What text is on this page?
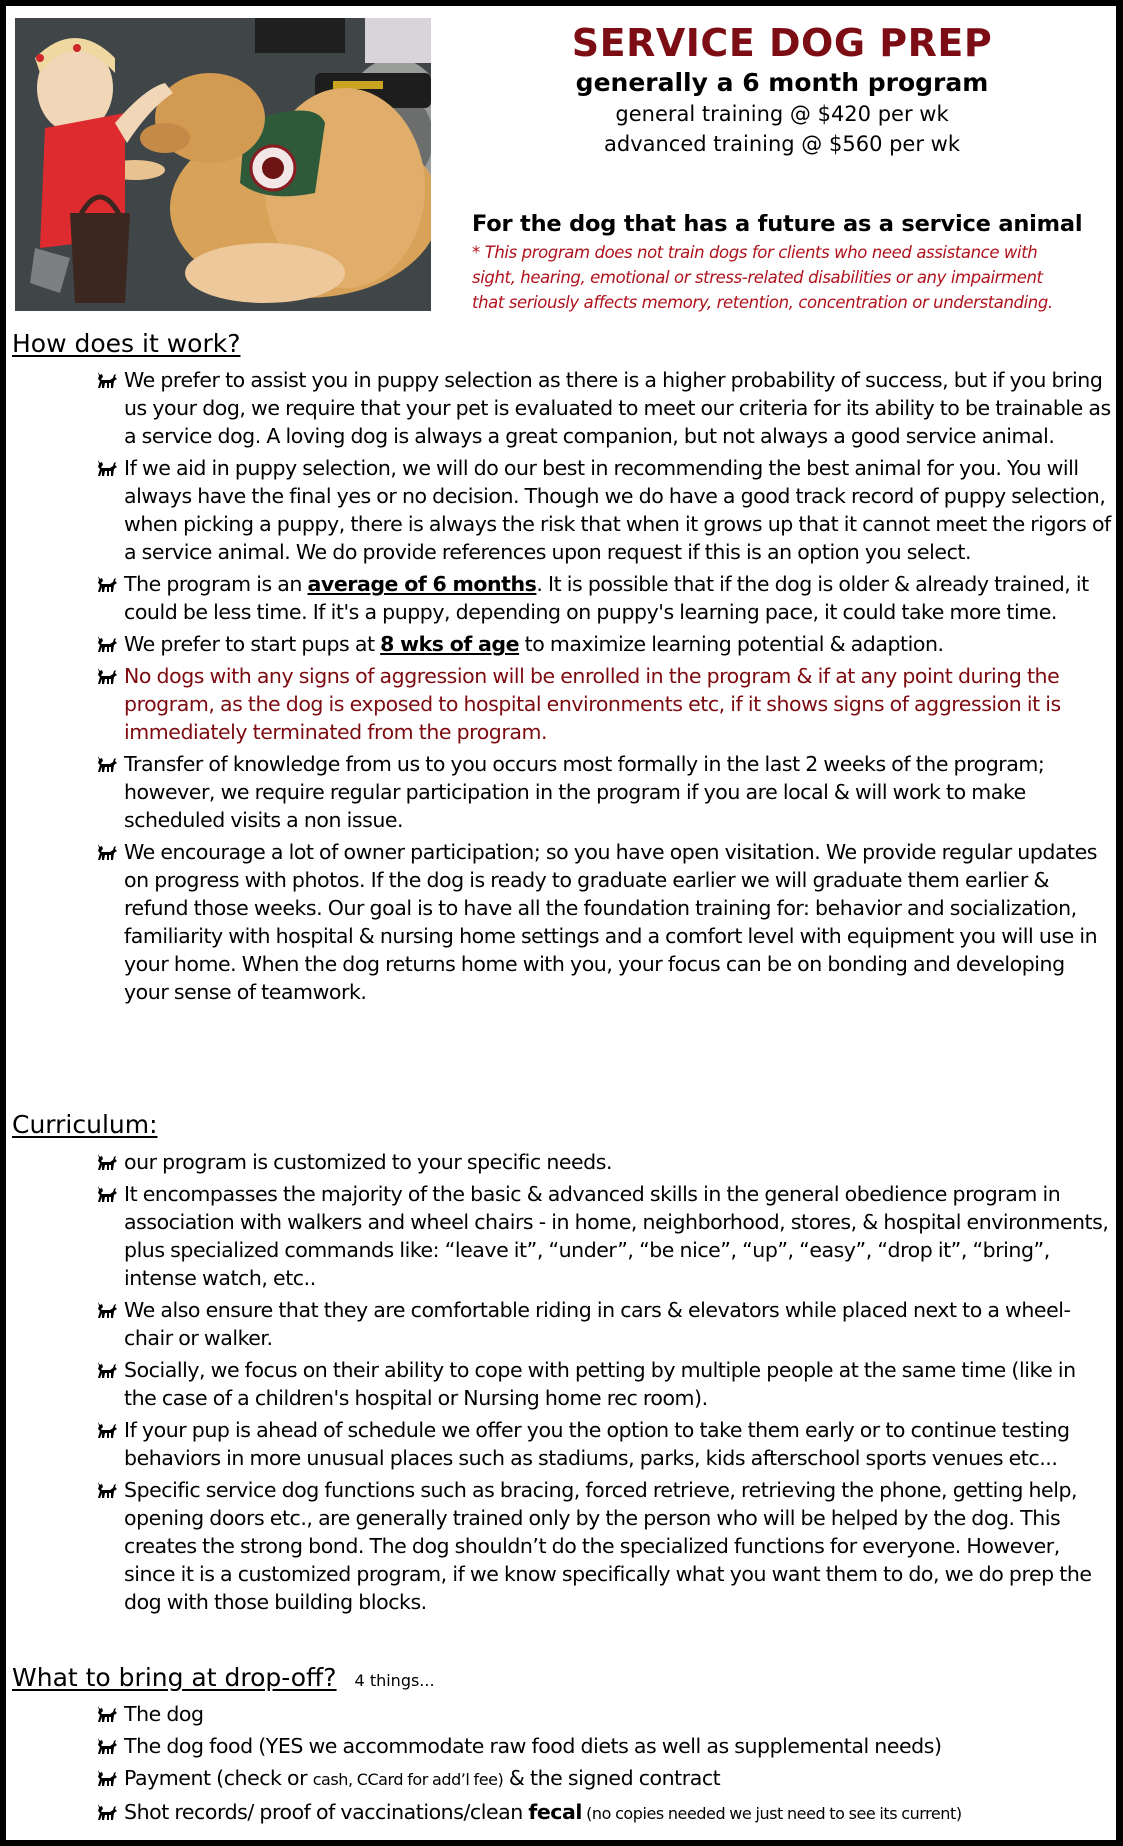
SERVICE DOG PREP
generally a 6 month program
general training @ $420 per wk
advanced training @ $560 per wk
For the dog that has a future as a service animal
* This program does not train dogs for clients who need assistance with
sight, hearing, emotional or stress-related disabilities or any impairment
that seriously affects memory, retention, concentration or understanding.
How does it work?
We prefer to assist you in puppy selection as there is a higher probability of success, but if you bring us your dog, we require that your pet is evaluated to meet our criteria for its ability to be trainable as a service dog. A loving dog is always a great companion, but not always a good service animal.
If we aid in puppy selection, we will do our best in recommending the best animal for you. You will always have the final yes or no decision. Though we do have a good track record of puppy selection, when picking a puppy, there is always the risk that when it grows up that it cannot meet the rigors of a service animal. We do provide references upon request if this is an option you select.
The program is an average of 6 months. It is possible that if the dog is older & already trained, it could be less time. If it's a puppy, depending on puppy's learning pace, it could take more time.
We prefer to start pups at 8 wks of age to maximize learning potential & adaption.
No dogs with any signs of aggression will be enrolled in the program & if at any point during the program, as the dog is exposed to hospital environments etc, if it shows signs of aggression it is immediately terminated from the program.
Transfer of knowledge from us to you occurs most formally in the last 2 weeks of the program; however, we require regular participation in the program if you are local & will work to make scheduled visits a non issue.
We encourage a lot of owner participation; so you have open visitation. We provide regular updates on progress with photos. If the dog is ready to graduate earlier we will graduate them earlier & refund those weeks. Our goal is to have all the foundation training for: behavior and socialization, familiarity with hospital & nursing home settings and a comfort level with equipment you will use in your home. When the dog returns home with you, your focus can be on bonding and developing your sense of teamwork.
Curriculum:
our program is customized to your specific needs.
It encompasses the majority of the basic & advanced skills in the general obedience program in association with walkers and wheel chairs - in home, neighborhood, stores, & hospital environments, plus specialized commands like: “leave it”, “under”, “be nice”, “up”, “easy”, “drop it”, “bring”, intense watch, etc..
We also ensure that they are comfortable riding in cars & elevators while placed next to a wheelchair or walker.
Socially, we focus on their ability to cope with petting by multiple people at the same time (like in the case of a children's hospital or Nursing home rec room).
If your pup is ahead of schedule we offer you the option to take them early or to continue testing behaviors in more unusual places such as stadiums, parks, kids afterschool sports venues etc...
Specific service dog functions such as bracing, forced retrieve, retrieving the phone, getting help, opening doors etc., are generally trained only by the person who will be helped by the dog. This creates the strong bond. The dog shouldn’t do the specialized functions for everyone. However, since it is a customized program, if we know specifically what you want them to do, we do prep the dog with those building blocks.
What to bring at drop-off? 4 things...
The dog
The dog food (YES we accommodate raw food diets as well as supplemental needs)
Payment (check or cash, CCard for add’l fee) & the signed contract
Shot records/ proof of vaccinations/clean fecal (no copies needed we just need to see its current)
